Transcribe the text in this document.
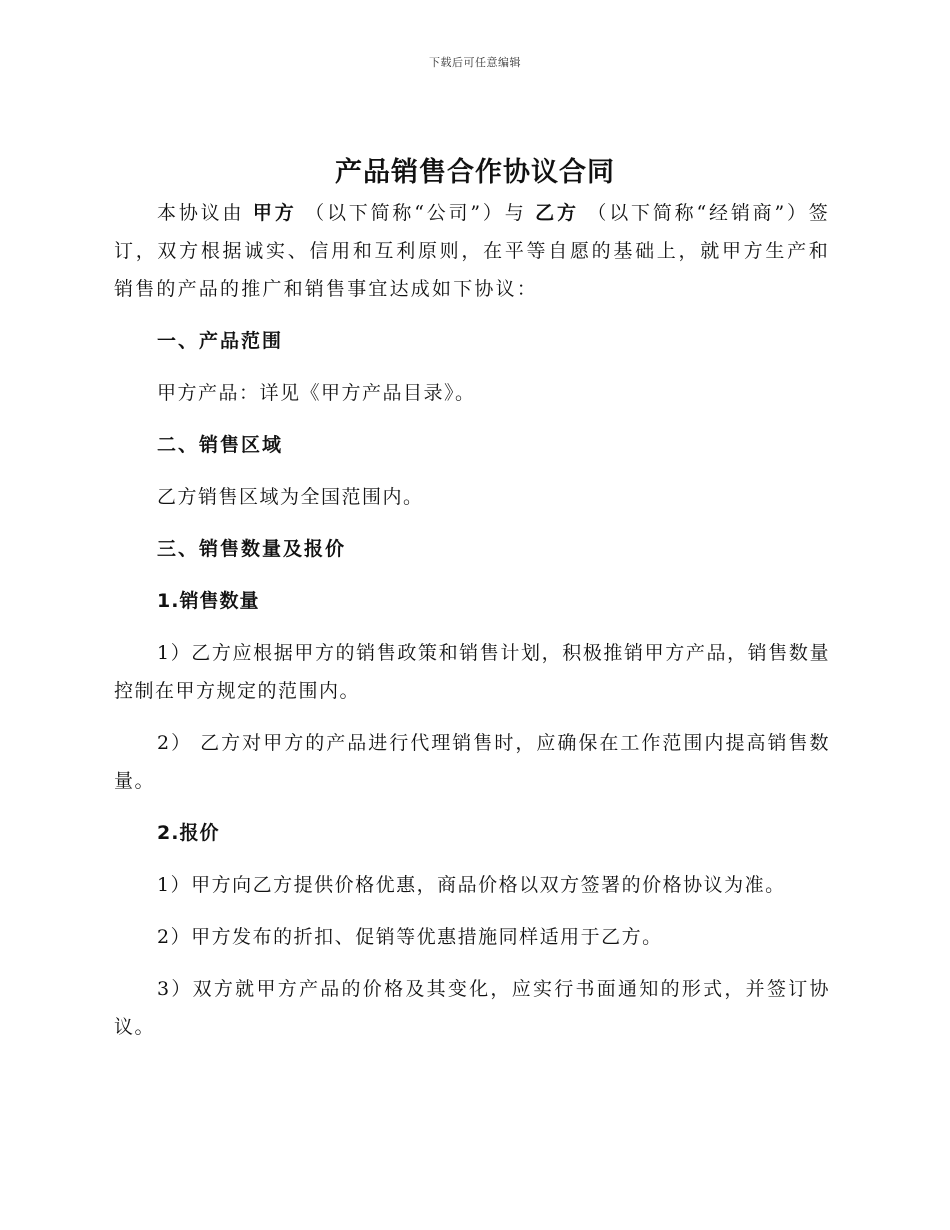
下载后可任意编辑
产品销售合作协议合同

本协议由 甲方 （以下简称“公司”）与 乙方 （以下简称“经销商”）签订，双方根据诚实、信用和互利原则，在平等自愿的基础上，就甲方生产和销售的产品的推广和销售事宜达成如下协议：

一、产品范围

甲方产品：详见《甲方产品目录》。

二、销售区域

乙方销售区域为全国范围内。

三、销售数量及报价

1.销售数量

1）乙方应根据甲方的销售政策和销售计划，积极推销甲方产品，销售数量控制在甲方规定的范围内。

2） 乙方对甲方的产品进行代理销售时，应确保在工作范围内提高销售数量。

2.报价

1）甲方向乙方提供价格优惠，商品价格以双方签署的价格协议为准。

2）甲方发布的折扣、促销等优惠措施同样适用于乙方。

3）双方就甲方产品的价格及其变化，应实行书面通知的形式，并签订协议。
